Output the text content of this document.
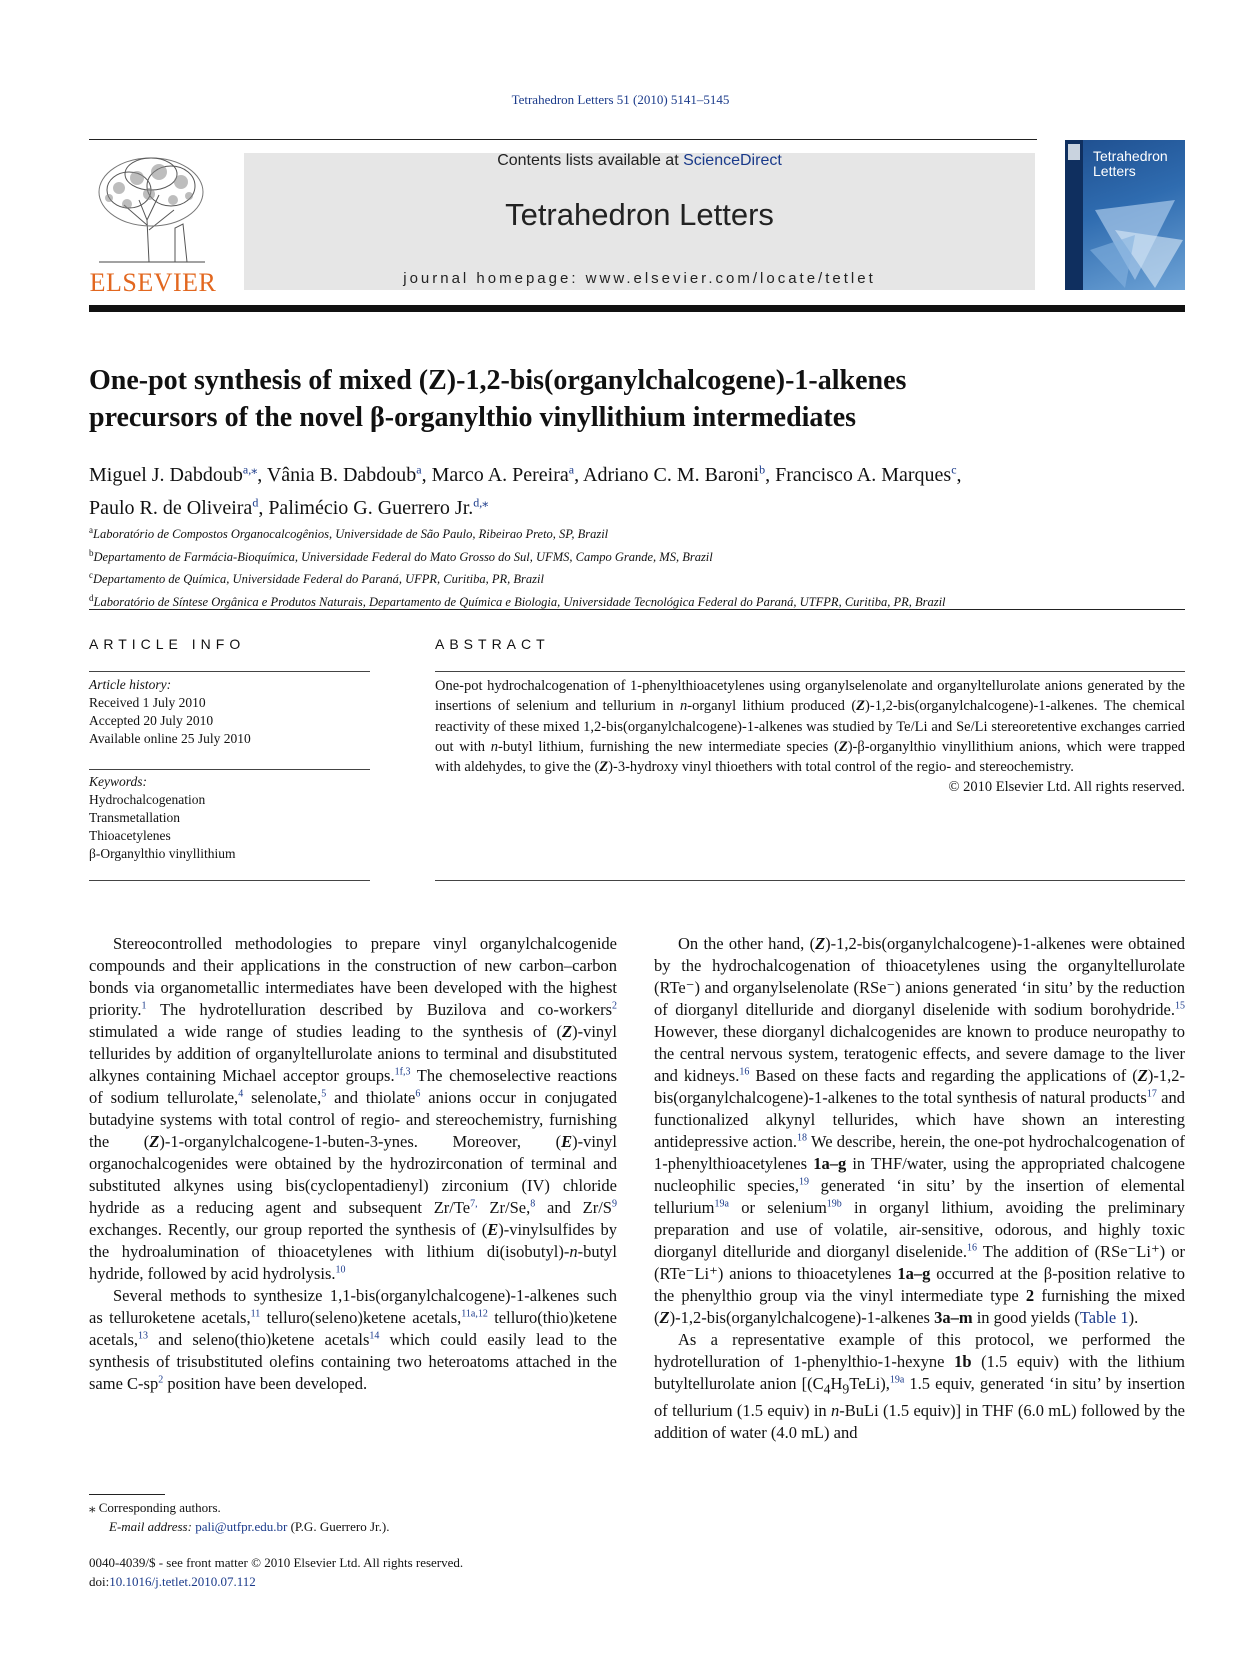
Tetrahedron Letters 51 (2010) 5141–5145
ELSEVIER
Contents lists available at ScienceDirect
Tetrahedron Letters
journal homepage: www.elsevier.com/locate/tetlet
Tetrahedron Letters
One-pot synthesis of mixed (Z)-1,2-bis(organylchalcogene)-1-alkenes
precursors of the novel β-organylthio vinyllithium intermediates
Miguel J. Dabdoub$^{a,⁎}$, Vânia B. Dabdoub$^a$, Marco A. Pereira$^a$, Adriano C. M. Baroni$^b$, Francisco A. Marques$^c$,
Paulo R. de Oliveira$^d$, Palimécio G. Guerrero Jr.$^{d,⁎}$
$^a$Laboratório de Compostos Organocalcogênios, Universidade de São Paulo, Ribeirao Preto, SP, Brazil
$^b$Departamento de Farmácia-Bioquímica, Universidade Federal do Mato Grosso do Sul, UFMS, Campo Grande, MS, Brazil
$^c$Departamento de Química, Universidade Federal do Paraná, UFPR, Curitiba, PR, Brazil
$^d$Laboratório de Síntese Orgânica e Produtos Naturais, Departamento de Química e Biologia, Universidade Tecnológica Federal do Paraná, UTFPR, Curitiba, PR, Brazil
ARTICLE INFO	ABSTRACT
Article history:
Received 1 July 2010
Accepted 20 July 2010
Available online 25 July 2010
Keywords:
Hydrochalcogenation
Transmetallation
Thioacetylenes
β-Organylthio vinyllithium
One-pot hydrochalcogenation of 1-phenylthioacetylenes using organylselenolate and organyltellurolate anions generated by the insertions of selenium and tellurium in n-organyl lithium produced (Z)-1,2-bis(organylchalcogene)-1-alkenes. The chemical reactivity of these mixed 1,2-bis(organylchalcogene)-1-alkenes was studied by Te/Li and Se/Li stereoretentive exchanges carried out with n-butyl lithium, furnishing the new intermediate species (Z)-β-organylthio vinyllithium anions, which were trapped with aldehydes, to give the (Z)-3-hydroxy vinyl thioethers with total control of the regio- and stereochemistry.
© 2010 Elsevier Ltd. All rights reserved.

Stereocontrolled methodologies to prepare vinyl organylchalcogenide compounds and their applications in the construction of new carbon–carbon bonds via organometallic intermediates have been developed with the highest priority.$^1$ The hydrotelluration described by Buzilova and co-workers$^2$ stimulated a wide range of studies leading to the synthesis of (Z)-vinyl tellurides by addition of organyltellurolate anions to terminal and disubstituted alkynes containing Michael acceptor groups.$^{1f,3}$ The chemoselective reactions of sodium tellurolate,$^4$ selenolate,$^5$ and thiolate$^6$ anions occur in conjugated butadyine systems with total control of regio- and stereochemistry, furnishing the (Z)-1-organylchalcogene-1-buten-3-ynes. Moreover, (E)-vinyl organochalcogenides were obtained by the hydrozirconation of terminal and substituted alkynes using bis(cyclopentadienyl) zirconium (IV) chloride hydride as a reducing agent and subsequent $Zr/Te^{7,}$ Zr/Se,$^8$ and $Zr/S^9$ exchanges. Recently, our group reported the synthesis of (E)-vinylsulfides by the hydroalumination of thioacetylenes with lithium di(isobutyl)-n-butyl hydride, followed by acid hydrolysis.$^{10}$

Several methods to synthesize 1,1-bis(organylchalcogene)-1-alkenes such as telluroketene acetals,$^{11}$ telluro(seleno)ketene acetals,$^{11a,12}$ telluro(thio)ketene acetals,$^{13}$ and seleno(thio)ketene acetals$^{14}$ which could easily lead to the synthesis of trisubstituted olefins containing two heteroatoms attached in the same $C-sp^2$ position have been developed.

On the other hand, (Z)-1,2-bis(organylchalcogene)-1-alkenes were obtained by the hydrochalcogenation of thioacetylenes using the organyltellurolate (RTe⁻) and organylselenolate (RSe⁻) anions generated ‘in situ’ by the reduction of diorganyl ditelluride and diorganyl diselenide with sodium borohydride.$^{15}$ However, these diorganyl dichalcogenides are known to produce neuropathy to the central nervous system, teratogenic effects, and severe damage to the liver and kidneys.$^{16}$ Based on these facts and regarding the applications of (Z)-1,2-bis(organylchalcogene)-1-alkenes to the total synthesis of natural products$^{17}$ and functionalized alkynyl tellurides, which have shown an interesting antidepressive action.$^{18}$ We describe, herein, the one-pot hydrochalcogenation of 1-phenylthioacetylenes 1a–g in THF/water, using the appropriated chalcogene nucleophilic species,$^{19}$ generated ‘in situ’ by the insertion of elemental tellurium$^{19a}$ or selenium$^{19b}$ in organyl lithium, avoiding the preliminary preparation and use of volatile, air-sensitive, odorous, and highly toxic diorganyl ditelluride and diorganyl diselenide.$^{16}$ The addition of (RSe⁻Li⁺) or (RTe⁻Li⁺) anions to thioacetylenes 1a–g occurred at the β-position relative to the phenylthio group via the vinyl intermediate type 2 furnishing the mixed (Z)-1,2-bis(organylchalcogene)-1-alkenes 3a–m in good yields (Table 1).

As a representative example of this protocol, we performed the hydrotelluration of 1-phenylthio-1-hexyne 1b (1.5 equiv) with the lithium butyltellurolate anion [$(C_4H_9TeLi),^{19a}$ 1.5 equiv, generated ‘in situ’ by insertion of tellurium (1.5 equiv) in n-BuLi (1.5 equiv)] in THF (6.0 mL) followed by the addition of water (4.0 mL) and

⁎ Corresponding authors.
E-mail address: pali@utfpr.edu.br (P.G. Guerrero Jr.).
0040-4039/$ - see front matter © 2010 Elsevier Ltd. All rights reserved.
doi:10.1016/j.tetlet.2010.07.112
